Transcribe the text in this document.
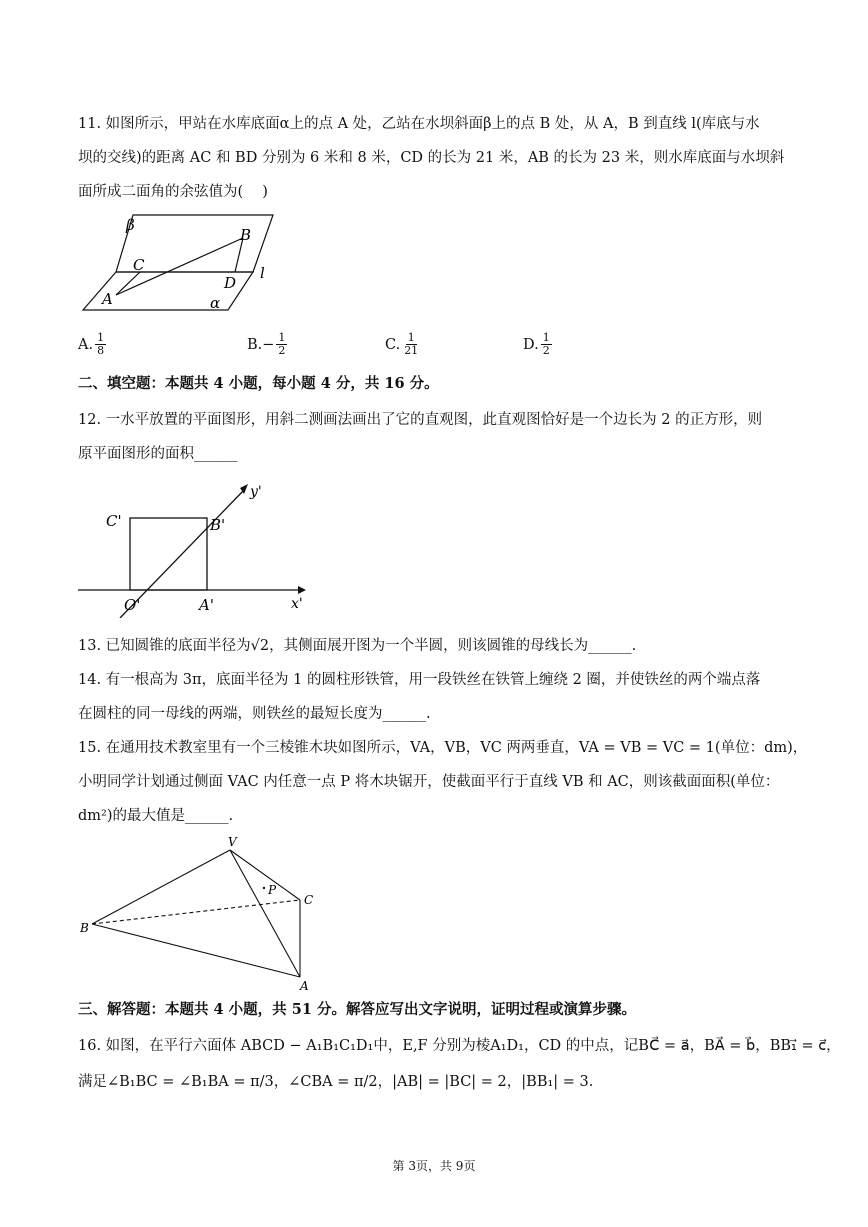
11. 如图所示，甲站在水库底面α上的点 A 处，乙站在水坝斜面β上的点 B 处，从 A，B 到直线 l(库底与水
坝的交线)的距离 AC 和 BD 分别为 6 米和 8 米，CD 的长为 21 米，AB 的长为 23 米，则水库底面与水坝斜
面所成二面角的余弦值为(　 )
β
B
C
D
l
A	α
A. $\frac{1}{8}$	B. − $\frac{1}{2}$	C. $\frac{1}{21}$	D. $\frac{1}{2}$
二、填空题：本题共 4 小题，每小题 4 分，共 16 分。
12. 一水平放置的平面图形，用斜二测画法画出了它的直观图，此直观图恰好是一个边长为 2 的正方形，则
原平面图形的面积______
y'
C'	B'
O'	A'	x'
13. 已知圆锥的底面半径为√2，其侧面展开图为一个半圆，则该圆锥的母线长为______.
14. 有一根高为 3π，底面半径为 1 的圆柱形铁管，用一段铁丝在铁管上缠绕 2 圈，并使铁丝的两个端点落
在圆柱的同一母线的两端，则铁丝的最短长度为______.
15. 在通用技术教室里有一个三棱锥木块如图所示，VA，VB，VC 两两垂直，VA = VB = VC = 1(单位：dm)，
小明同学计划通过侧面 VAC 内任意一点 P 将木块锯开，使截面平行于直线 VB 和 AC，则该截面面积(单位：
dm²)的最大值是______.
V
P
C
B
A
三、解答题：本题共 4 小题，共 51 分。解答应写出文字说明，证明过程或演算步骤。
16. 如图，在平行六面体 ABCD − A₁B₁C₁D₁中，E,F 分别为棱A₁D₁，CD 的中点，记BC⃗ = a⃗，BA⃗ = b⃗，BB₁⃗ = c⃗，
满足∠B₁BC = ∠B₁BA = π/3，∠CBA = π/2，|AB| = |BC| = 2，|BB₁| = 3.
第 3页，共 9页
